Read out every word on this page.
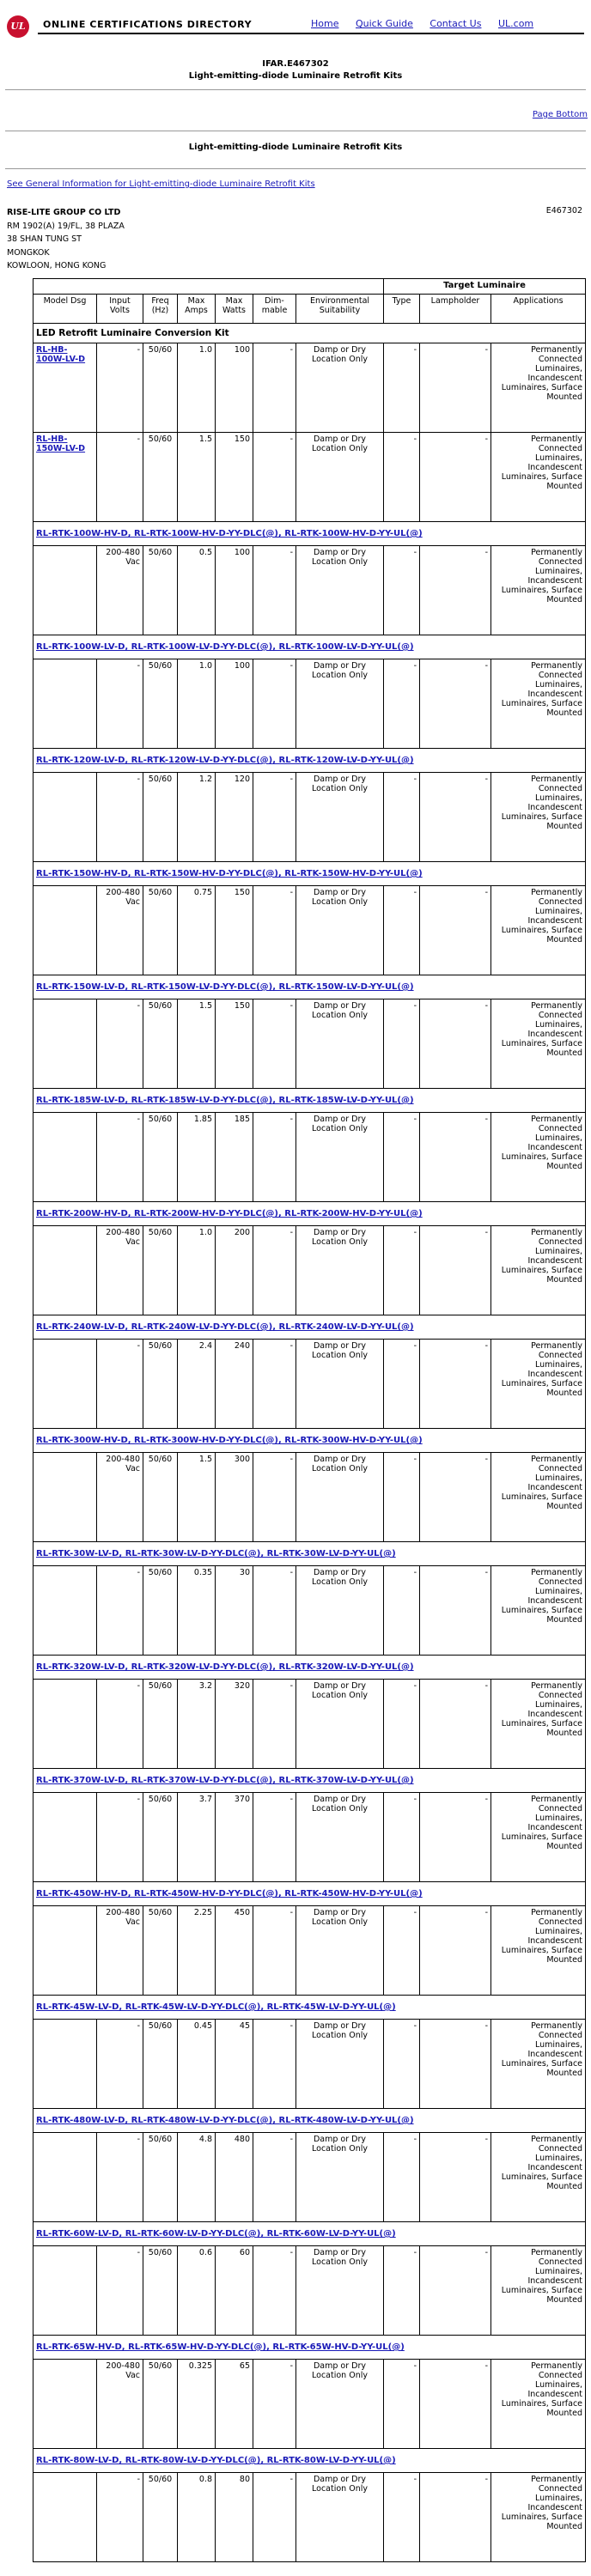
UL	ONLINE CERTIFICATIONS DIRECTORY	Home Quick Guide Contact Us UL.com
IFAR.E467302
Light-emitting-diode Luminaire Retrofit Kits
Page Bottom
Light-emitting-diode Luminaire Retrofit Kits
See General Information for Light-emitting-diode Luminaire Retrofit Kits
RISE-LITE GROUP CO LTD
RM 1902(A) 19/FL, 38 PLAZA
38 SHAN TUNG ST
MONGKOK
KOWLOON, HONG KONG
E467302
							Target Luminaire		
Model Dsg	Input Volts	Freq (Hz)	Max Amps	Max Watts	Dim-mable	Environmental Suitability	Type	Lampholder	Applications
LED Retrofit Luminaire Conversion Kit									
RL-HB-100W-LV-D	-	50/60	1.0	100	-	Damp or Dry Location Only	-	-	Permanently Connected Luminaires, Incandescent Luminaires, Surface Mounted
RL-HB-150W-LV-D	-	50/60	1.5	150	-	Damp or Dry Location Only	-	-	Permanently Connected Luminaires, Incandescent Luminaires, Surface Mounted
RL-RTK-100W-HV-D, RL-RTK-100W-HV-D-YY-DLC(@), RL-RTK-100W-HV-D-YY-UL(@)									
	200-480 Vac	50/60	0.5	100	-	Damp or Dry Location Only	-	-	Permanently Connected Luminaires, Incandescent Luminaires, Surface Mounted
RL-RTK-100W-LV-D, RL-RTK-100W-LV-D-YY-DLC(@), RL-RTK-100W-LV-D-YY-UL(@)									
	-	50/60	1.0	100	-	Damp or Dry Location Only	-	-	Permanently Connected Luminaires, Incandescent Luminaires, Surface Mounted
RL-RTK-120W-LV-D, RL-RTK-120W-LV-D-YY-DLC(@), RL-RTK-120W-LV-D-YY-UL(@)									
	-	50/60	1.2	120	-	Damp or Dry Location Only	-	-	Permanently Connected Luminaires, Incandescent Luminaires, Surface Mounted
RL-RTK-150W-HV-D, RL-RTK-150W-HV-D-YY-DLC(@), RL-RTK-150W-HV-D-YY-UL(@)									
	200-480 Vac	50/60	0.75	150	-	Damp or Dry Location Only	-	-	Permanently Connected Luminaires, Incandescent Luminaires, Surface Mounted
RL-RTK-150W-LV-D, RL-RTK-150W-LV-D-YY-DLC(@), RL-RTK-150W-LV-D-YY-UL(@)									
	-	50/60	1.5	150	-	Damp or Dry Location Only	-	-	Permanently Connected Luminaires, Incandescent Luminaires, Surface Mounted
RL-RTK-185W-LV-D, RL-RTK-185W-LV-D-YY-DLC(@), RL-RTK-185W-LV-D-YY-UL(@)									
	-	50/60	1.85	185	-	Damp or Dry Location Only	-	-	Permanently Connected Luminaires, Incandescent Luminaires, Surface Mounted
RL-RTK-200W-HV-D, RL-RTK-200W-HV-D-YY-DLC(@), RL-RTK-200W-HV-D-YY-UL(@)									
	200-480 Vac	50/60	1.0	200	-	Damp or Dry Location Only	-	-	Permanently Connected Luminaires, Incandescent Luminaires, Surface Mounted
RL-RTK-240W-LV-D, RL-RTK-240W-LV-D-YY-DLC(@), RL-RTK-240W-LV-D-YY-UL(@)									
	-	50/60	2.4	240	-	Damp or Dry Location Only	-	-	Permanently Connected Luminaires, Incandescent Luminaires, Surface Mounted
RL-RTK-300W-HV-D, RL-RTK-300W-HV-D-YY-DLC(@), RL-RTK-300W-HV-D-YY-UL(@)									
	200-480 Vac	50/60	1.5	300	-	Damp or Dry Location Only	-	-	Permanently Connected Luminaires, Incandescent Luminaires, Surface Mounted
RL-RTK-30W-LV-D, RL-RTK-30W-LV-D-YY-DLC(@), RL-RTK-30W-LV-D-YY-UL(@)									
	-	50/60	0.35	30	-	Damp or Dry Location Only	-	-	Permanently Connected Luminaires, Incandescent Luminaires, Surface Mounted
RL-RTK-320W-LV-D, RL-RTK-320W-LV-D-YY-DLC(@), RL-RTK-320W-LV-D-YY-UL(@)									
	-	50/60	3.2	320	-	Damp or Dry Location Only	-	-	Permanently Connected Luminaires, Incandescent Luminaires, Surface Mounted
RL-RTK-370W-LV-D, RL-RTK-370W-LV-D-YY-DLC(@), RL-RTK-370W-LV-D-YY-UL(@)									
	-	50/60	3.7	370	-	Damp or Dry Location Only	-	-	Permanently Connected Luminaires, Incandescent Luminaires, Surface Mounted
RL-RTK-450W-HV-D, RL-RTK-450W-HV-D-YY-DLC(@), RL-RTK-450W-HV-D-YY-UL(@)									
	200-480 Vac	50/60	2.25	450	-	Damp or Dry Location Only	-	-	Permanently Connected Luminaires, Incandescent Luminaires, Surface Mounted
RL-RTK-45W-LV-D, RL-RTK-45W-LV-D-YY-DLC(@), RL-RTK-45W-LV-D-YY-UL(@)									
	-	50/60	0.45	45	-	Damp or Dry Location Only	-	-	Permanently Connected Luminaires, Incandescent Luminaires, Surface Mounted
RL-RTK-480W-LV-D, RL-RTK-480W-LV-D-YY-DLC(@), RL-RTK-480W-LV-D-YY-UL(@)									
	-	50/60	4.8	480	-	Damp or Dry Location Only	-	-	Permanently Connected Luminaires, Incandescent Luminaires, Surface Mounted
RL-RTK-60W-LV-D, RL-RTK-60W-LV-D-YY-DLC(@), RL-RTK-60W-LV-D-YY-UL(@)									
	-	50/60	0.6	60	-	Damp or Dry Location Only	-	-	Permanently Connected Luminaires, Incandescent Luminaires, Surface Mounted
RL-RTK-65W-HV-D, RL-RTK-65W-HV-D-YY-DLC(@), RL-RTK-65W-HV-D-YY-UL(@)									
	200-480 Vac	50/60	0.325	65	-	Damp or Dry Location Only	-	-	Permanently Connected Luminaires, Incandescent Luminaires, Surface Mounted
RL-RTK-80W-LV-D, RL-RTK-80W-LV-D-YY-DLC(@), RL-RTK-80W-LV-D-YY-UL(@)									
	-	50/60	0.8	80	-	Damp or Dry Location Only	-	-	Permanently Connected Luminaires, Incandescent Luminaires, Surface Mounted
